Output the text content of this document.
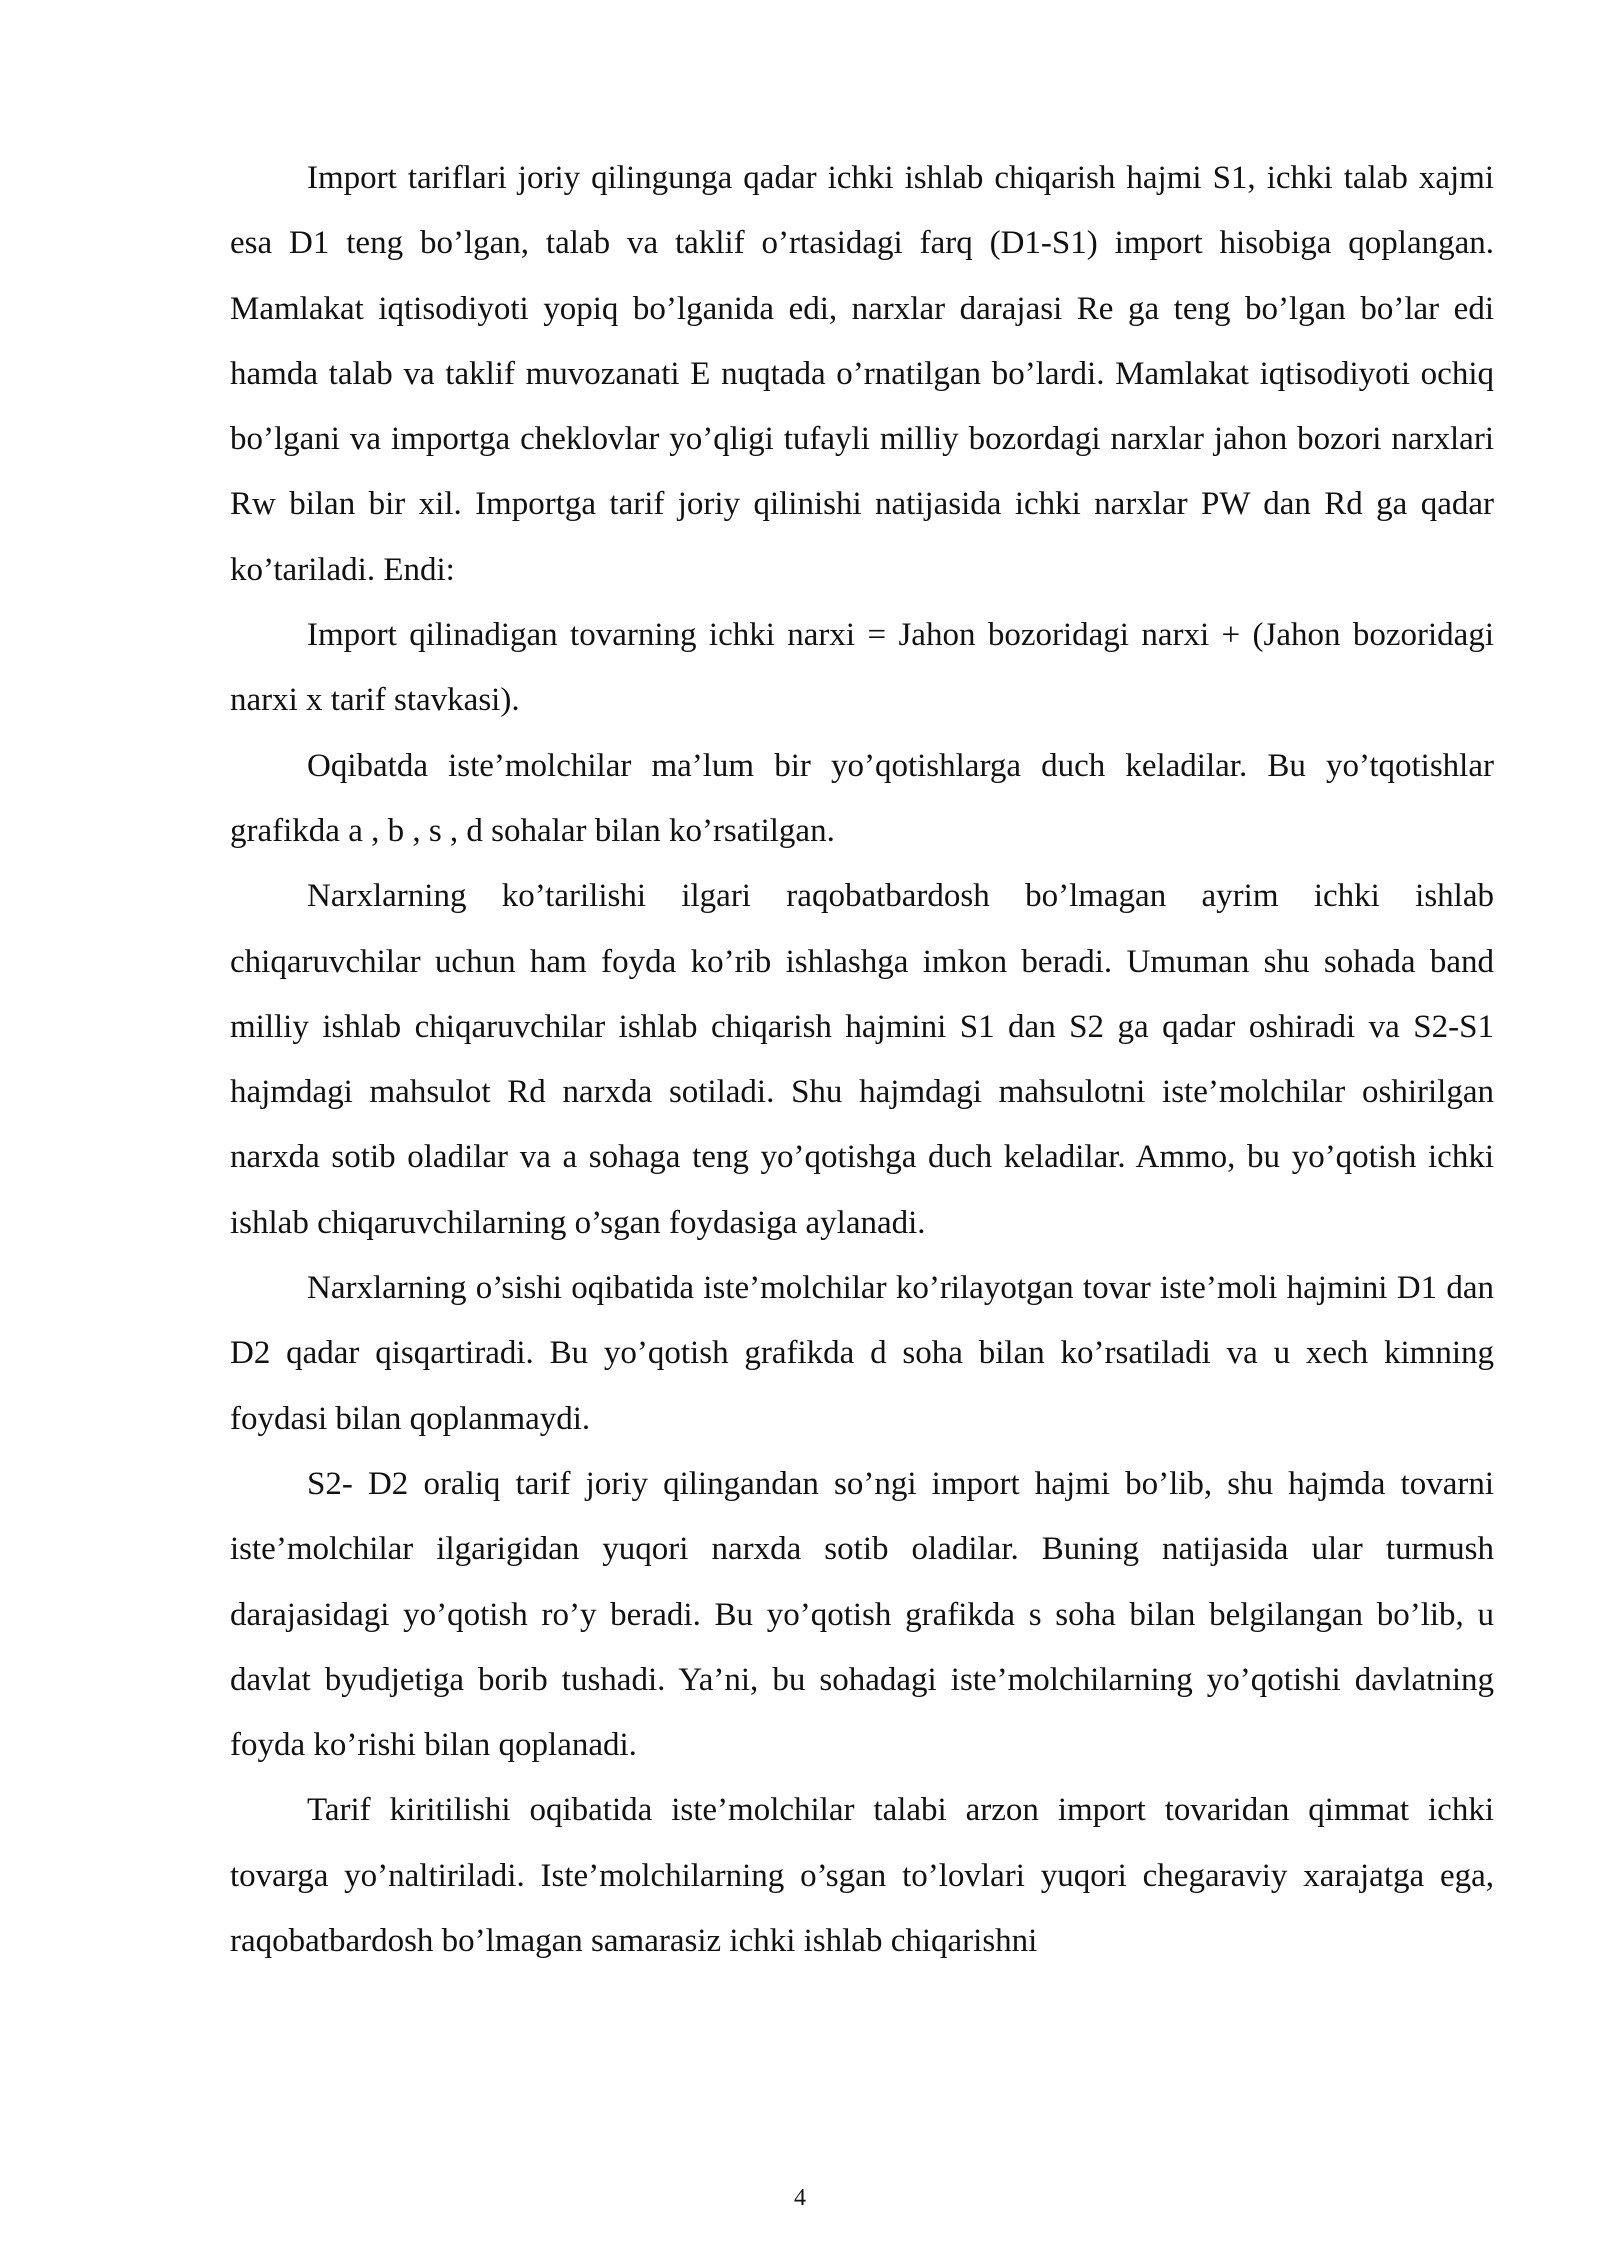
Import tariflari joriy qilingunga qadar ichki ishlab chiqarish hajmi S1, ichki talab xajmi esa D1 teng bo’lgan, talab va taklif o’rtasidagi farq (D1-S1) import hisobiga qoplangan. Mamlakat iqtisodiyoti yopiq bo’lganida edi, narxlar darajasi Re ga teng bo’lgan bo’lar edi hamda talab va taklif muvozanati E nuqtada o’rnatilgan bo’lardi. Mamlakat iqtisodiyoti ochiq bo’lgani va importga cheklovlar yo’qligi tufayli milliy bozordagi narxlar jahon bozori narxlari Rw bilan bir xil. Importga tarif joriy qilinishi natijasida ichki narxlar PW dan Rd ga qadar ko’tariladi. Endi:

Import qilinadigan tovarning ichki narxi = Jahon bozoridagi narxi + (Jahon bozoridagi narxi x tarif stavkasi).

Oqibatda iste’molchilar ma’lum bir yo’qotishlarga duch keladilar. Bu yo’tqotishlar grafikda a , b , s , d sohalar bilan ko’rsatilgan.

Narxlarning ko’tarilishi ilgari raqobatbardosh bo’lmagan ayrim ichki ishlab chiqaruvchilar uchun ham foyda ko’rib ishlashga imkon beradi. Umuman shu sohada band milliy ishlab chiqaruvchilar ishlab chiqarish hajmini S1 dan S2 ga qadar oshiradi va S2-S1 hajmdagi mahsulot Rd narxda sotiladi. Shu hajmdagi mahsulotni iste’molchilar oshirilgan narxda sotib oladilar va a sohaga teng yo’qotishga duch keladilar. Ammo, bu yo’qotish ichki ishlab chiqaruvchilarning o’sgan foydasiga aylanadi.

Narxlarning o’sishi oqibatida iste’molchilar ko’rilayotgan tovar iste’moli hajmini D1 dan D2 qadar qisqartiradi. Bu yo’qotish grafikda d soha bilan ko’rsatiladi va u xech kimning foydasi bilan qoplanmaydi.

S2- D2 oraliq tarif joriy qilingandan so’ngi import hajmi bo’lib, shu hajmda tovarni iste’molchilar ilgarigidan yuqori narxda sotib oladilar. Buning natijasida ular turmush darajasidagi yo’qotish ro’y beradi. Bu yo’qotish grafikda s soha bilan belgilangan bo’lib, u davlat byudjetiga borib tushadi. Ya’ni, bu sohadagi iste’molchilarning yo’qotishi davlatning foyda ko’rishi bilan qoplanadi.

Tarif kiritilishi oqibatida iste’molchilar talabi arzon import tovaridan qimmat ichki tovarga yo’naltiriladi. Iste’molchilarning o’sgan to’lovlari yuqori chegaraviy xarajatga ega, raqobatbardosh bo’lmagan samarasiz ichki ishlab chiqarishni

4
